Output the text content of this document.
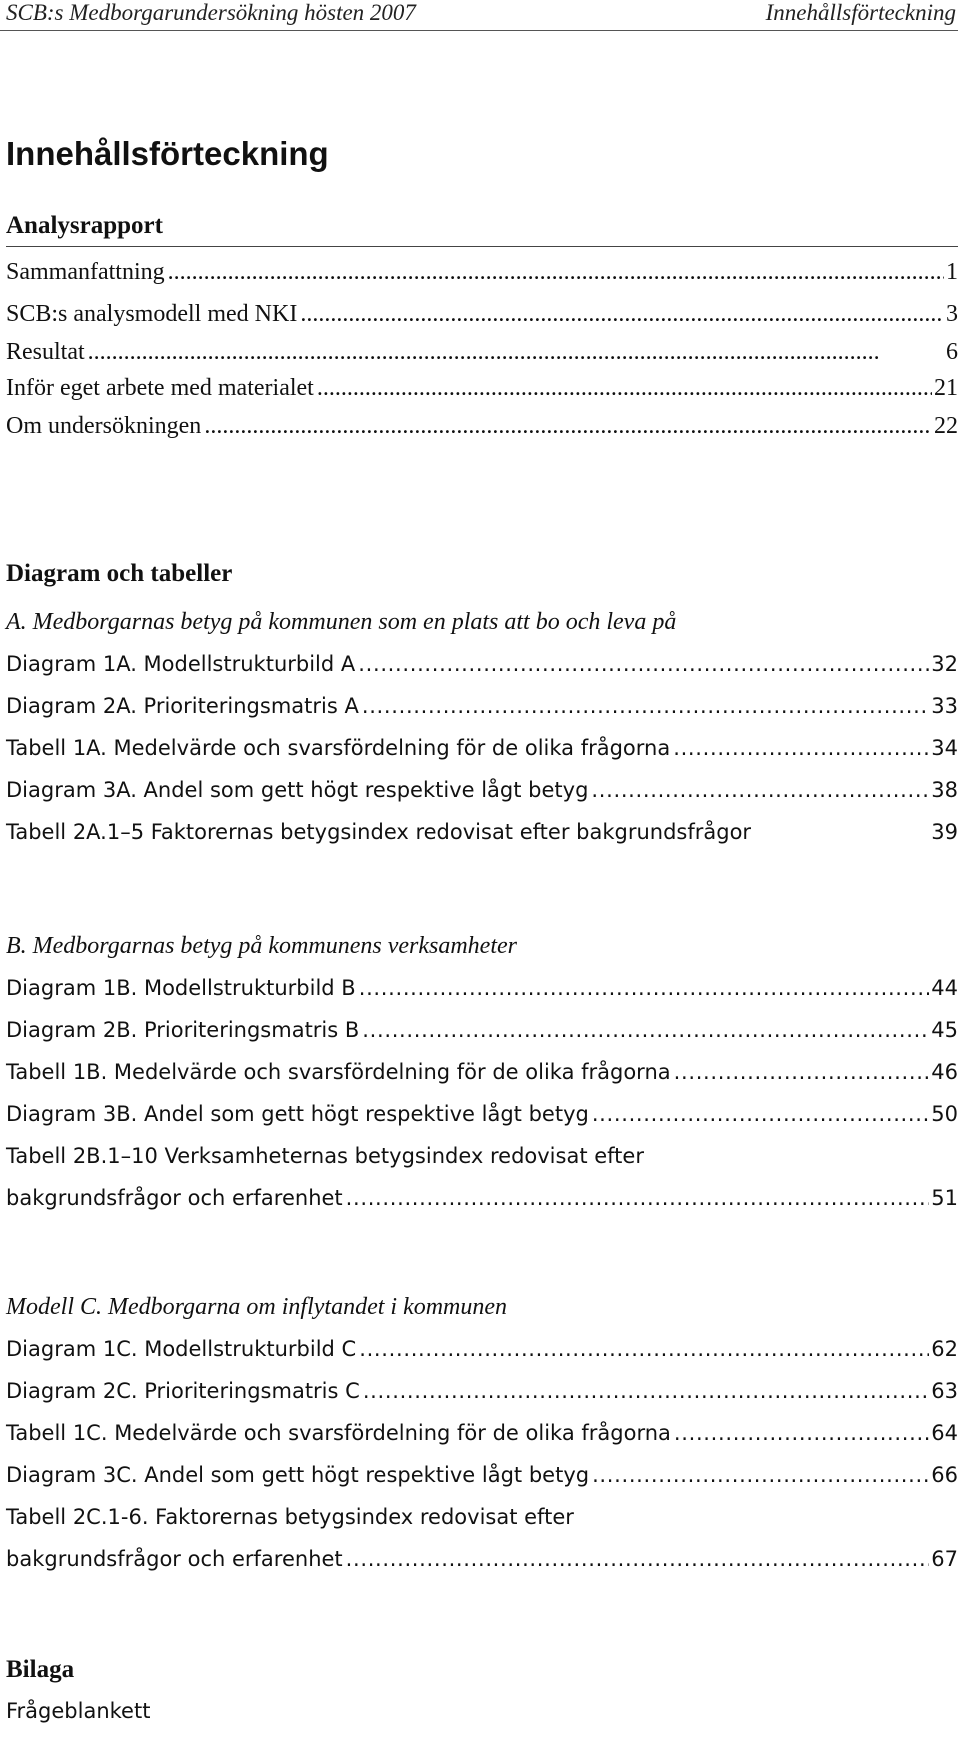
SCB:s Medborgarundersökning hösten 2007	Innehållsförteckning
Innehållsförteckning
Analysrapport
Sammanfattning . . .	1
SCB:s analysmodell med NKI . . .	3
Resultat . . .	6
Inför eget arbete med materialet . . .	21
Om undersökningen . . .	22
Diagram och tabeller
A. Medborgarnas betyg på kommunen som en plats att bo och leva på
Diagram 1A. Modellstrukturbild A . . .	32
Diagram 2A. Prioriteringsmatris A . . .	33
Tabell 1A. Medelvärde och svarsfördelning för de olika frågorna . . .	34
Diagram 3A. Andel som gett högt respektive lågt betyg . . .	38
Tabell 2A.1–5 Faktorernas betygsindex redovisat efter bakgrundsfrågor	39
B. Medborgarnas betyg på kommunens verksamheter
Diagram 1B. Modellstrukturbild B . . .	44
Diagram 2B. Prioriteringsmatris B . . .	45
Tabell 1B. Medelvärde och svarsfördelning för de olika frågorna . . .	46
Diagram 3B. Andel som gett högt respektive lågt betyg . . .	50
Tabell 2B.1–10 Verksamheternas betygsindex redovisat efter
bakgrundsfrågor och erfarenhet . . .	51
Modell C. Medborgarna om inflytandet i kommunen
Diagram 1C. Modellstrukturbild C . . .	62
Diagram 2C. Prioriteringsmatris C . . .	63
Tabell 1C. Medelvärde och svarsfördelning för de olika frågorna . . .	64
Diagram 3C. Andel som gett högt respektive lågt betyg . . .	66
Tabell 2C.1-6. Faktorernas betygsindex redovisat efter
bakgrundsfrågor och erfarenhet . . .	67
Bilaga
Frågeblankett
